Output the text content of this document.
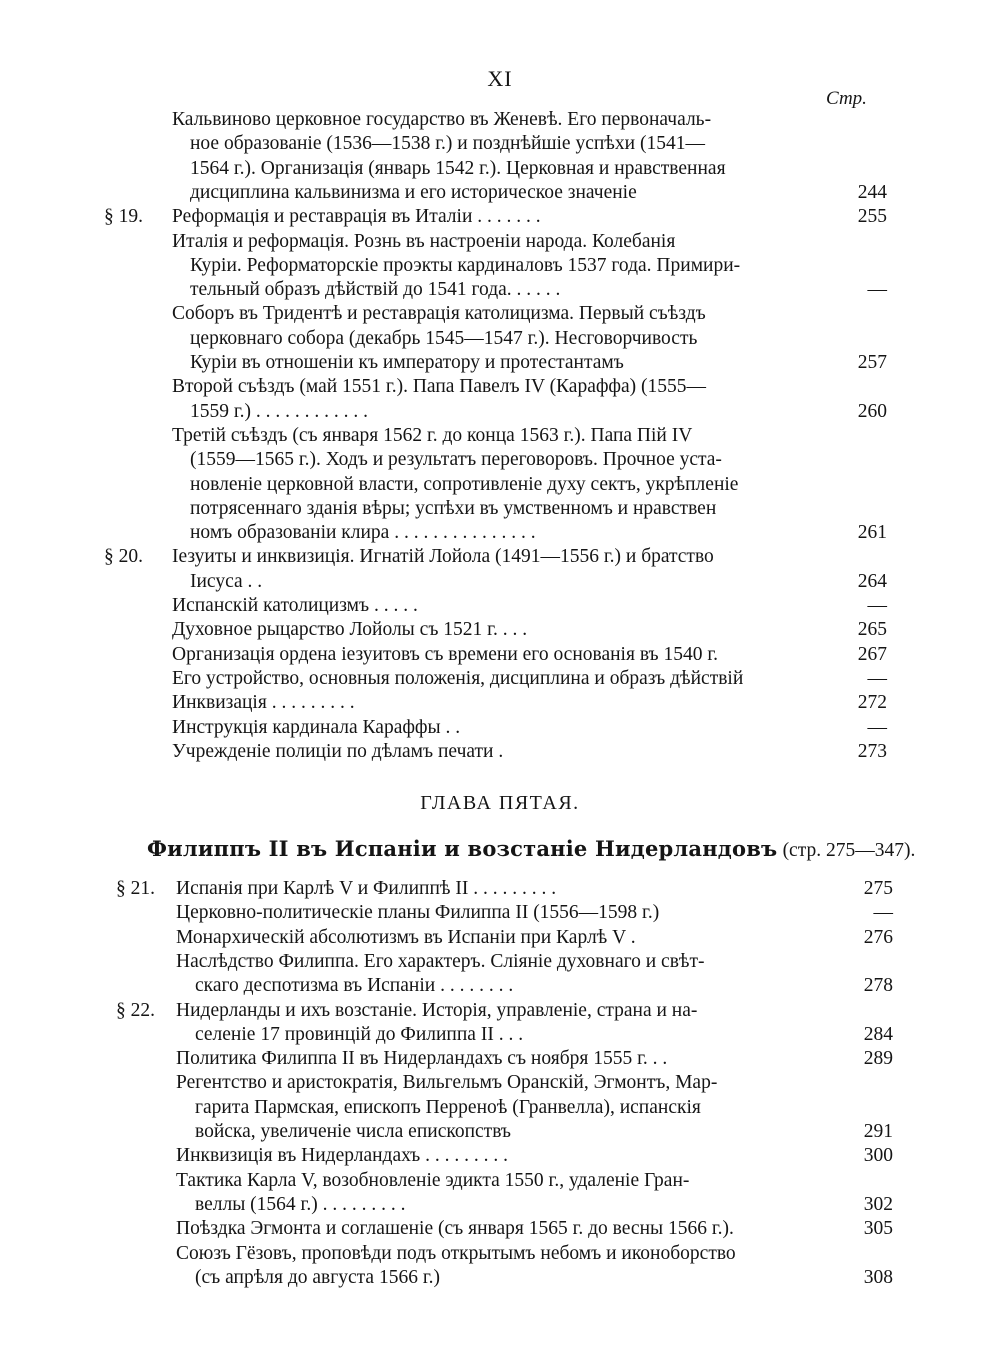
XI
Стр.
Кальвиново церковное государство въ Женевѣ. Его первоначаль-
ное образованіе (1536—1538 г.) и позднѣйшіе успѣхи (1541—
1564 г.). Организація (январь 1542 г.). Церковная и нравственная
дисциплина кальвинизма и его историческое значеніе	244
§ 19. Реформація и реставрація въ Италіи . . . . . . .	255
Италія и реформація. Рознь въ настроеніи народа. Колебанія
Куріи. Реформаторскіе проэкты кардиналовъ 1537 года. Примири-
тельный образъ дѣйствій до 1541 года. . . . . .	—
Соборъ въ Тридентѣ и реставрація католицизма. Первый съѣздъ
церковнаго собора (декабрь 1545—1547 г.). Несговорчивость
Куріи въ отношеніи къ императору и протестантамъ	257
Второй съѣздъ (май 1551 г.). Папа Павелъ IV (Караффа) (1555—
1559 г.) . . . . . . . . . . . .	260
Третій съѣздъ (съ января 1562 г. до конца 1563 г.). Папа Пій IV
(1559—1565 г.). Ходъ и результатъ переговоровъ. Прочное уста-
новленіе церковной власти, сопротивленіе духу сектъ, укрѣпленіе
потрясеннаго зданія вѣры; успѣхи въ умственномъ и нравствен
номъ образованіи клира . . . . . . . . . . . . . . .	261
§ 20. Іезуиты и инквизиція. Игнатій Лойола (1491—1556 г.) и братство
Іисуса . .	264
Испанскій католицизмъ . . . . .	—
Духовное рыцарство Лойолы съ 1521 г. . . .	265
Организація ордена іезуитовъ съ времени его основанія въ 1540 г.	267
Его устройство, основныя положенія, дисциплина и образъ дѣйствій	—
Инквизація . . . . . . . . .	272
Инструкція кардинала Караффы . .	—
Учрежденіе полиціи по дѣламъ печати .	273
ГЛАВА ПЯТАЯ.
Филиппъ II въ Испаніи и возстаніе Нидерландовъ (стр. 275—347).
§ 21. Испанія при Карлѣ V и Филиппѣ II . . . . . . . . .	275
Церковно-политическіе планы Филиппа II (1556—1598 г.)	—
Монархическій абсолютизмъ въ Испаніи при Карлѣ V .	276
Наслѣдство Филиппа. Его характеръ. Сліяніе духовнаго и свѣт-
скаго деспотизма въ Испаніи . . . . . . . .	278
§ 22. Нидерланды и ихъ возстаніе. Исторія, управленіе, страна и на-
селеніе 17 провинцій до Филиппа II . . .	284
Политика Филиппа II въ Нидерландахъ съ ноября 1555 г. . .	289
Регентство и аристократія, Вильгельмъ Оранскій, Эгмонтъ, Мар-
гарита Пармская, епископъ Перреноѣ (Гранвелла), испанскія
войска, увеличеніе числа епископствъ	291
Инквизиція въ Нидерландахъ . . . . . . . . .	300
Тактика Карла V, возобновленіе эдикта 1550 г., удаленіе Гран-
веллы (1564 г.) . . . . . . . . .	302
Поѣздка Эгмонта и соглашеніе (съ января 1565 г. до весны 1566 г.).	305
Союзъ Гёзовъ, проповѣди подъ открытымъ небомъ и иконоборство
(съ апрѣля до августа 1566 г.)	308
